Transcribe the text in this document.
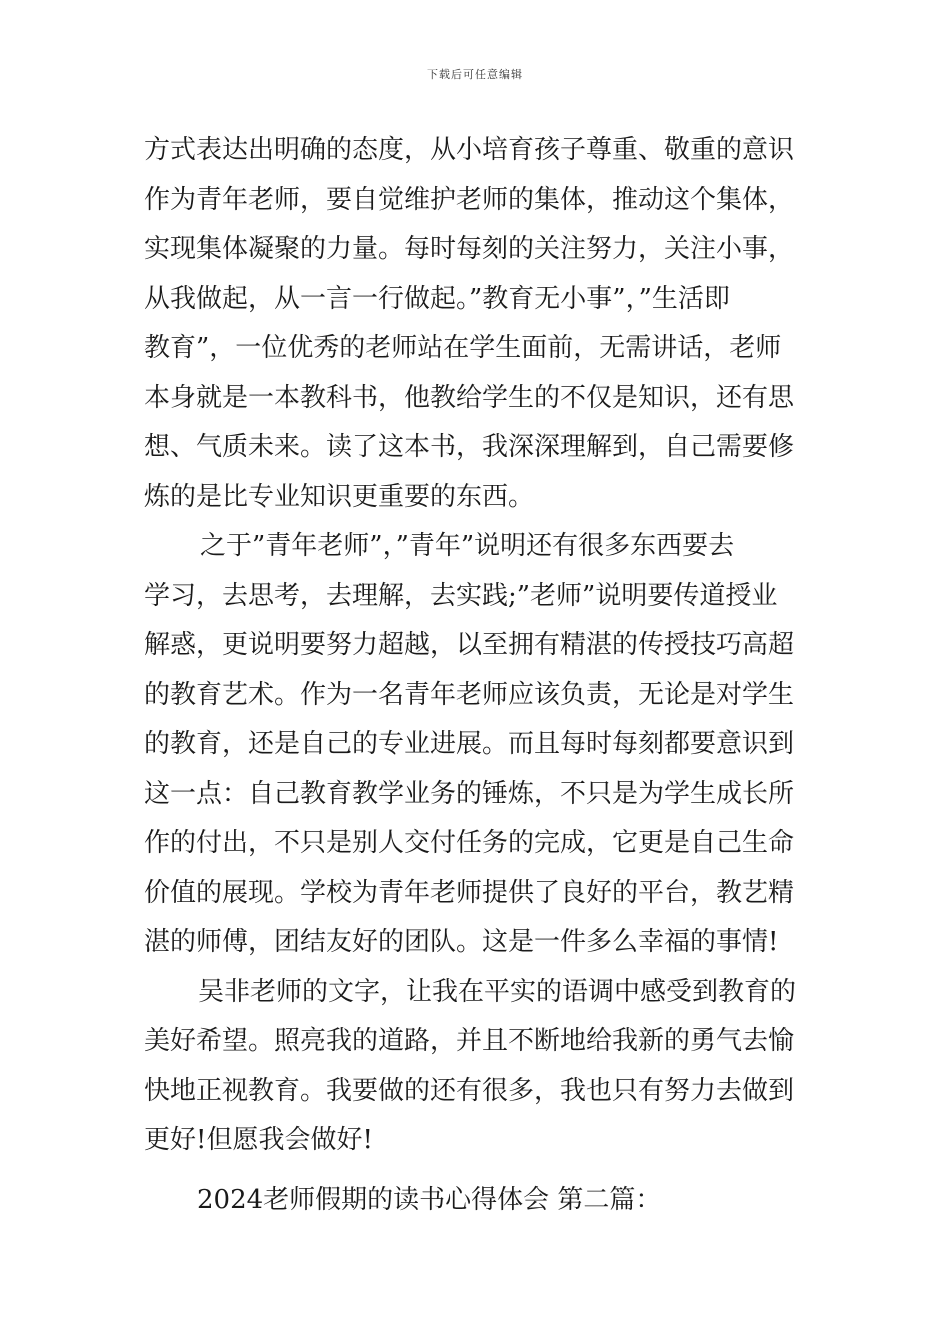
下载后可任意编辑
方式表达出明确的态度，从小培育孩子尊重、敬重的意识
作为青年老师，要自觉维护老师的集体，推动这个集体，
实现集体凝聚的力量。每时每刻的关注努力，关注小事，
从我做起，从一言一行做起。”教育无小事”，”生活即
教育”，一位优秀的老师站在学生面前，无需讲话，老师
本身就是一本教科书，他教给学生的不仅是知识，还有思
想、气质未来。读了这本书，我深深理解到，自己需要修
炼的是比专业知识更重要的东西。
之于”青年老师”，”青年”说明还有很多东西要去
学习，去思考，去理解，去实践;”老师”说明要传道授业
解惑，更说明要努力超越，以至拥有精湛的传授技巧高超
的教育艺术。作为一名青年老师应该负责，无论是对学生
的教育，还是自己的专业进展。而且每时每刻都要意识到
这一点：自己教育教学业务的锤炼，不只是为学生成长所
作的付出，不只是别人交付任务的完成，它更是自己生命
价值的展现。学校为青年老师提供了良好的平台，教艺精
湛的师傅，团结友好的团队。这是一件多么幸福的事情!
吴非老师的文字，让我在平实的语调中感受到教育的
美好希望。照亮我的道路，并且不断地给我新的勇气去愉
快地正视教育。我要做的还有很多，我也只有努力去做到
更好!但愿我会做好!
2024老师假期的读书心得体会 第二篇：
